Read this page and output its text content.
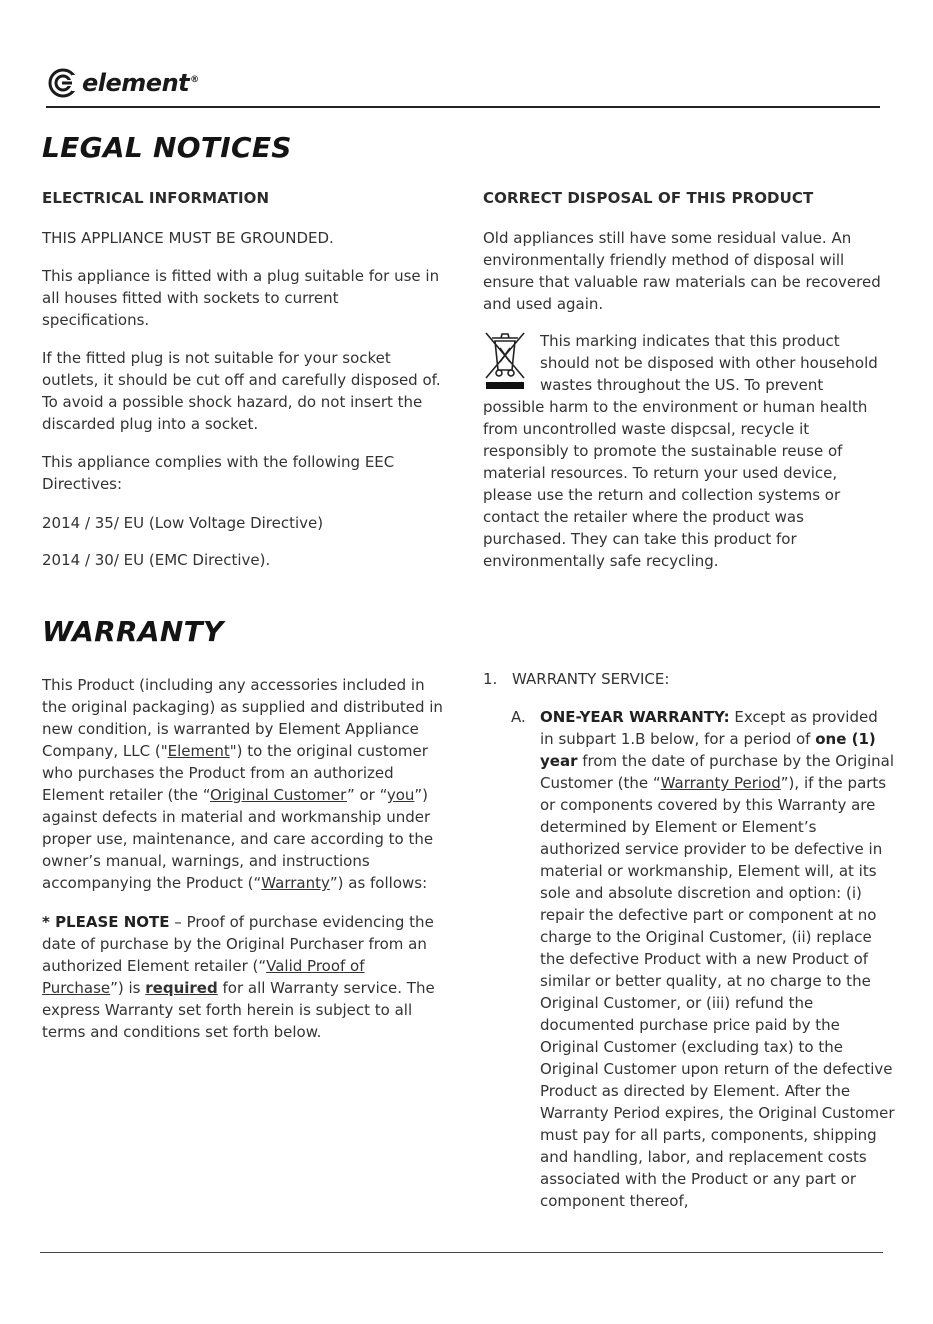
element®
LEGAL NOTICES
ELECTRICAL INFORMATION

THIS APPLIANCE MUST BE GROUNDED.

This appliance is fitted with a plug suitable for use in all houses fitted with sockets to current specifications.

If the fitted plug is not suitable for your socket outlets, it should be cut off and carefully disposed of. To avoid a possible shock hazard, do not insert the discarded plug into a socket.

This appliance complies with the following EEC Directives:

2014 / 35/ EU (Low Voltage Directive)

2014 / 30/ EU (EMC Directive).

CORRECT DISPOSAL OF THIS PRODUCT

Old appliances still have some residual value. An environmentally friendly method of disposal will ensure that valuable raw materials can be recovered and used again.

This marking indicates that this product should not be disposed with other household wastes throughout the US. To prevent possible harm to the environment or human health from uncontrolled waste dispcsal, recycle it responsibly to promote the sustainable reuse of material resources. To return your used device, please use the return and collection systems or contact the retailer where the product was purchased. They can take this product for environmentally safe recycling.
WARRANTY

This Product (including any accessories included in the original packaging) as supplied and distributed in new condition, is warranted by Element Appliance Company, LLC ("Element") to the original customer who purchases the Product from an authorized Element retailer (the “Original Customer” or “you”) against defects in material and workmanship under proper use, maintenance, and care according to the owner’s manual, warnings, and instructions accompanying the Product (“Warranty”) as follows:

* PLEASE NOTE – Proof of purchase evidencing the date of purchase by the Original Purchaser from an authorized Element retailer (“Valid Proof of Purchase”) is required for all Warranty service. The express Warranty set forth herein is subject to all terms and conditions set forth below.

1. WARRANTY SERVICE:
A. ONE-YEAR WARRANTY: Except as provided in subpart 1.B below, for a period of one (1) year from the date of purchase by the Original Customer (the “Warranty Period”), if the parts or components covered by this Warranty are determined by Element or Element’s authorized service provider to be defective in material or workmanship, Element will, at its sole and absolute discretion and option: (i) repair the defective part or component at no charge to the Original Customer, (ii) replace the defective Product with a new Product of similar or better quality, at no charge to the Original Customer, or (iii) refund the documented purchase price paid by the Original Customer (excluding tax) to the Original Customer upon return of the defective Product as directed by Element. After the Warranty Period expires, the Original Customer must pay for all parts, components, shipping and handling, labor, and replacement costs associated with the Product or any part or component thereof,
